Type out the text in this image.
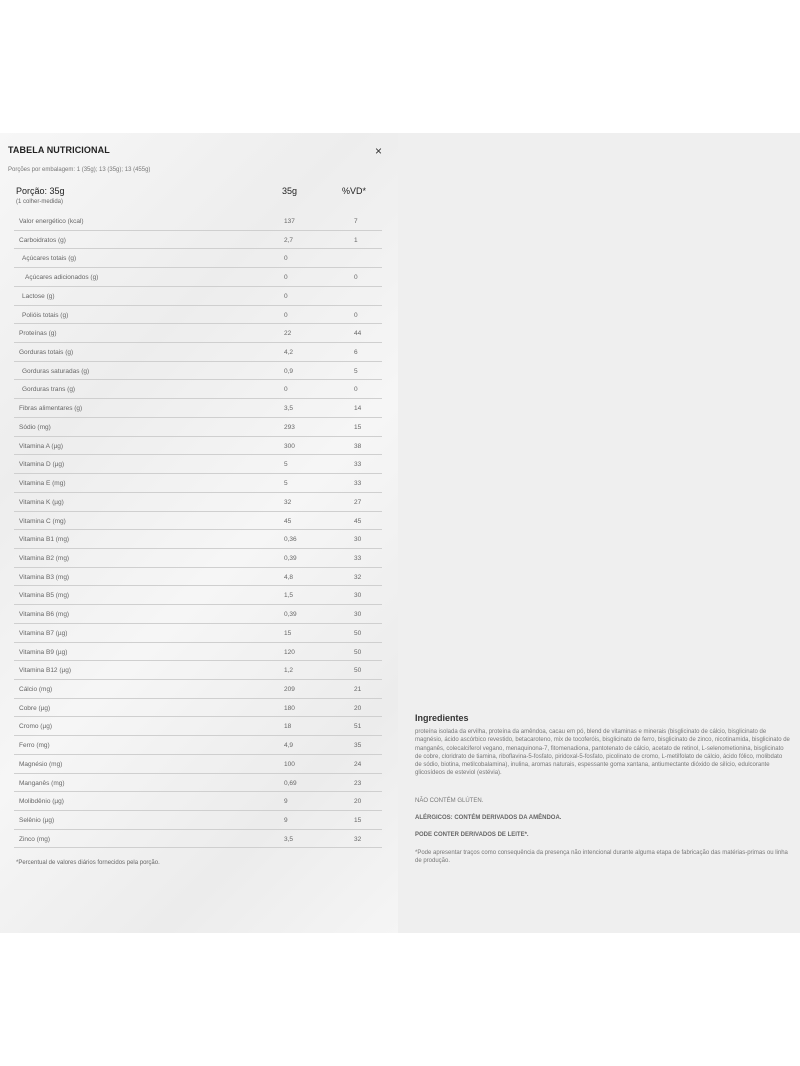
TABELA NUTRICIONAL	×
Porções por embalagem: 1 (35g); 13 (35g); 13 (455g)
Porção: 35g
(1 colher-medida)
35g	%VD*
Valor energético (kcal)	137	7
Carboidratos (g)	2,7	1
Açúcares totais (g)	0
Açúcares adicionados (g)	0	0
Lactose (g)	0
Polióis totais (g)	0	0
Proteínas (g)	22	44
Gorduras totais (g)	4,2	6
Gorduras saturadas (g)	0,9	5
Gorduras trans (g)	0	0
Fibras alimentares (g)	3,5	14
Sódio (mg)	293	15
Vitamina A (µg)	300	38
Vitamina D (µg)	5	33
Vitamina E (mg)	5	33
Vitamina K (µg)	32	27
Vitamina C (mg)	45	45
Vitamina B1 (mg)	0,36	30
Vitamina B2 (mg)	0,39	33
Vitamina B3 (mg)	4,8	32
Vitamina B5 (mg)	1,5	30
Vitamina B6 (mg)	0,39	30
Vitamina B7 (µg)	15	50
Vitamina B9 (µg)	120	50
Vitamina B12 (µg)	1,2	50
Cálcio (mg)	209	21
Cobre (µg)	180	20
Cromo (µg)	18	51
Ferro (mg)	4,9	35
Magnésio (mg)	100	24
Manganês (mg)	0,69	23
Molibdênio (µg)	9	20
Selênio (µg)	9	15
Zinco (mg)	3,5	32
*Percentual de valores diários fornecidos pela porção.
Ingredientes
proteína isolada da ervilha, proteína da amêndoa, cacau em pó, blend de vitaminas e minerais (bisglicinato de cálcio, bisglicinato de magnésio, ácido ascórbico revestido, betacaroteno, mix de tocoferóis, bisglicinato de ferro, bisglicinato de zinco, nicotinamida, bisglicinato de manganês, colecalciferol vegano, menaquinona-7, fitomenadiona, pantotenato de cálcio, acetato de retinol, L-selenometionina, bisglicinato de cobre, cloridrato de tiamina, riboflavina-5-fosfato, piridoxal-5-fosfato, picolinato de cromo, L-metilfolato de cálcio, ácido fólico, molibdato de sódio, biotina, metilcobalamina), inulina, aromas naturais, espessante goma xantana, antiumectante dióxido de silício, edulcorante glicosídeos de esteviol (estévia).
NÃO CONTÉM GLÚTEN.
ALÉRGICOS: CONTÉM DERIVADOS DA AMÊNDOA.
PODE CONTER DERIVADOS DE LEITE*.
*Pode apresentar traços como consequência da presença não intencional durante alguma etapa de fabricação das matérias-primas ou linha de produção.
